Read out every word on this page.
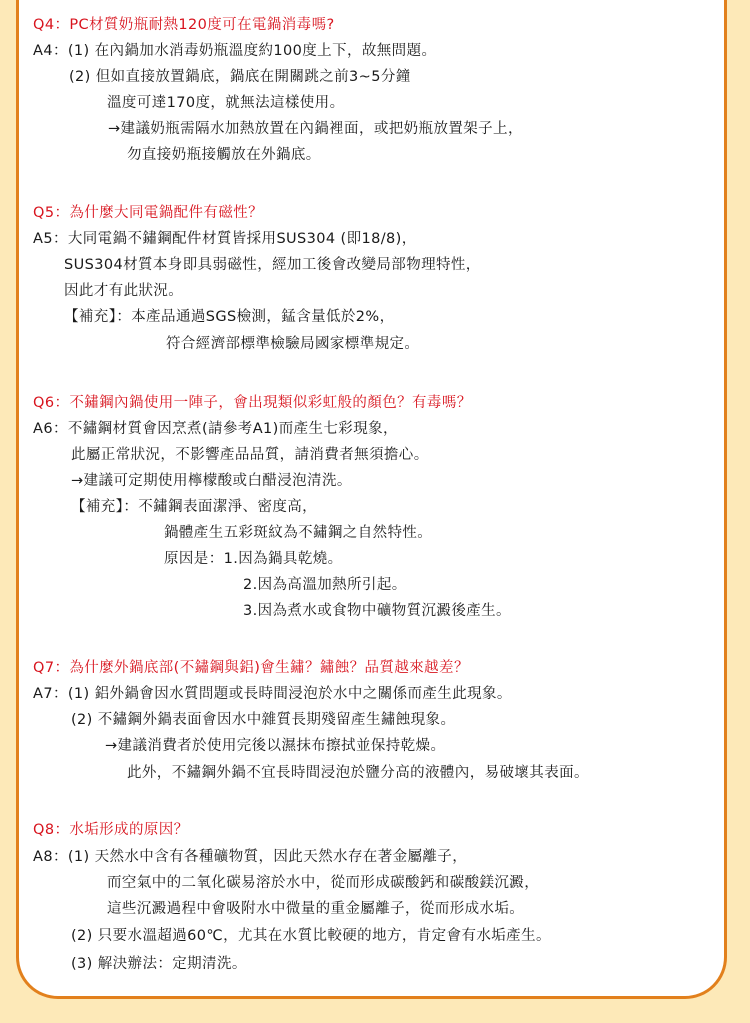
Q4：PC材質奶瓶耐熱120度可在電鍋消毒嗎?
A4：(1) 在內鍋加水消毒奶瓶溫度約100度上下，故無問題。
(2) 但如直接放置鍋底，鍋底在開關跳之前3~5分鐘
溫度可達170度，就無法這樣使用。
→建議奶瓶需隔水加熱放置在內鍋裡面，或把奶瓶放置架子上，
勿直接奶瓶接觸放在外鍋底。
Q5：為什麼大同電鍋配件有磁性？
A5：大同電鍋不鏽鋼配件材質皆採用SUS304 (即18/8)，
SUS304材質本身即具弱磁性，經加工後會改變局部物理特性，
因此才有此狀況。
【補充】：本產品通過SGS檢測，錳含量低於2%，
符合經濟部標準檢驗局國家標準規定。
Q6：不鏽鋼內鍋使用一陣子，會出現類似彩虹般的顏色？有毒嗎？
A6：不鏽鋼材質會因烹煮(請參考A1)而產生七彩現象，
此屬正常狀況，不影響產品品質，請消費者無須擔心。
→建議可定期使用檸檬酸或白醋浸泡清洗。
【補充】：不鏽鋼表面潔淨、密度高，
鍋體產生五彩斑紋為不鏽鋼之自然特性。
原因是：1.因為鍋具乾燒。
2.因為高溫加熱所引起。
3.因為煮水或食物中礦物質沉澱後產生。
Q7：為什麼外鍋底部(不鏽鋼與鋁)會生鏽？鏽蝕？品質越來越差？
A7：(1) 鋁外鍋會因水質問題或長時間浸泡於水中之關係而產生此現象。
(2) 不鏽鋼外鍋表面會因水中雜質長期殘留產生鏽蝕現象。
→建議消費者於使用完後以濕抹布擦拭並保持乾燥。
此外，不鏽鋼外鍋不宜長時間浸泡於鹽分高的液體內，易破壞其表面。
Q8：水垢形成的原因？
A8：(1) 天然水中含有各種礦物質，因此天然水存在著金屬離子，
而空氣中的二氧化碳易溶於水中，從而形成碳酸鈣和碳酸鎂沉澱，
這些沉澱過程中會吸附水中微量的重金屬離子，從而形成水垢。
(2) 只要水溫超過60℃，尤其在水質比較硬的地方，肯定會有水垢產生。
(3) 解決辦法：定期清洗。
